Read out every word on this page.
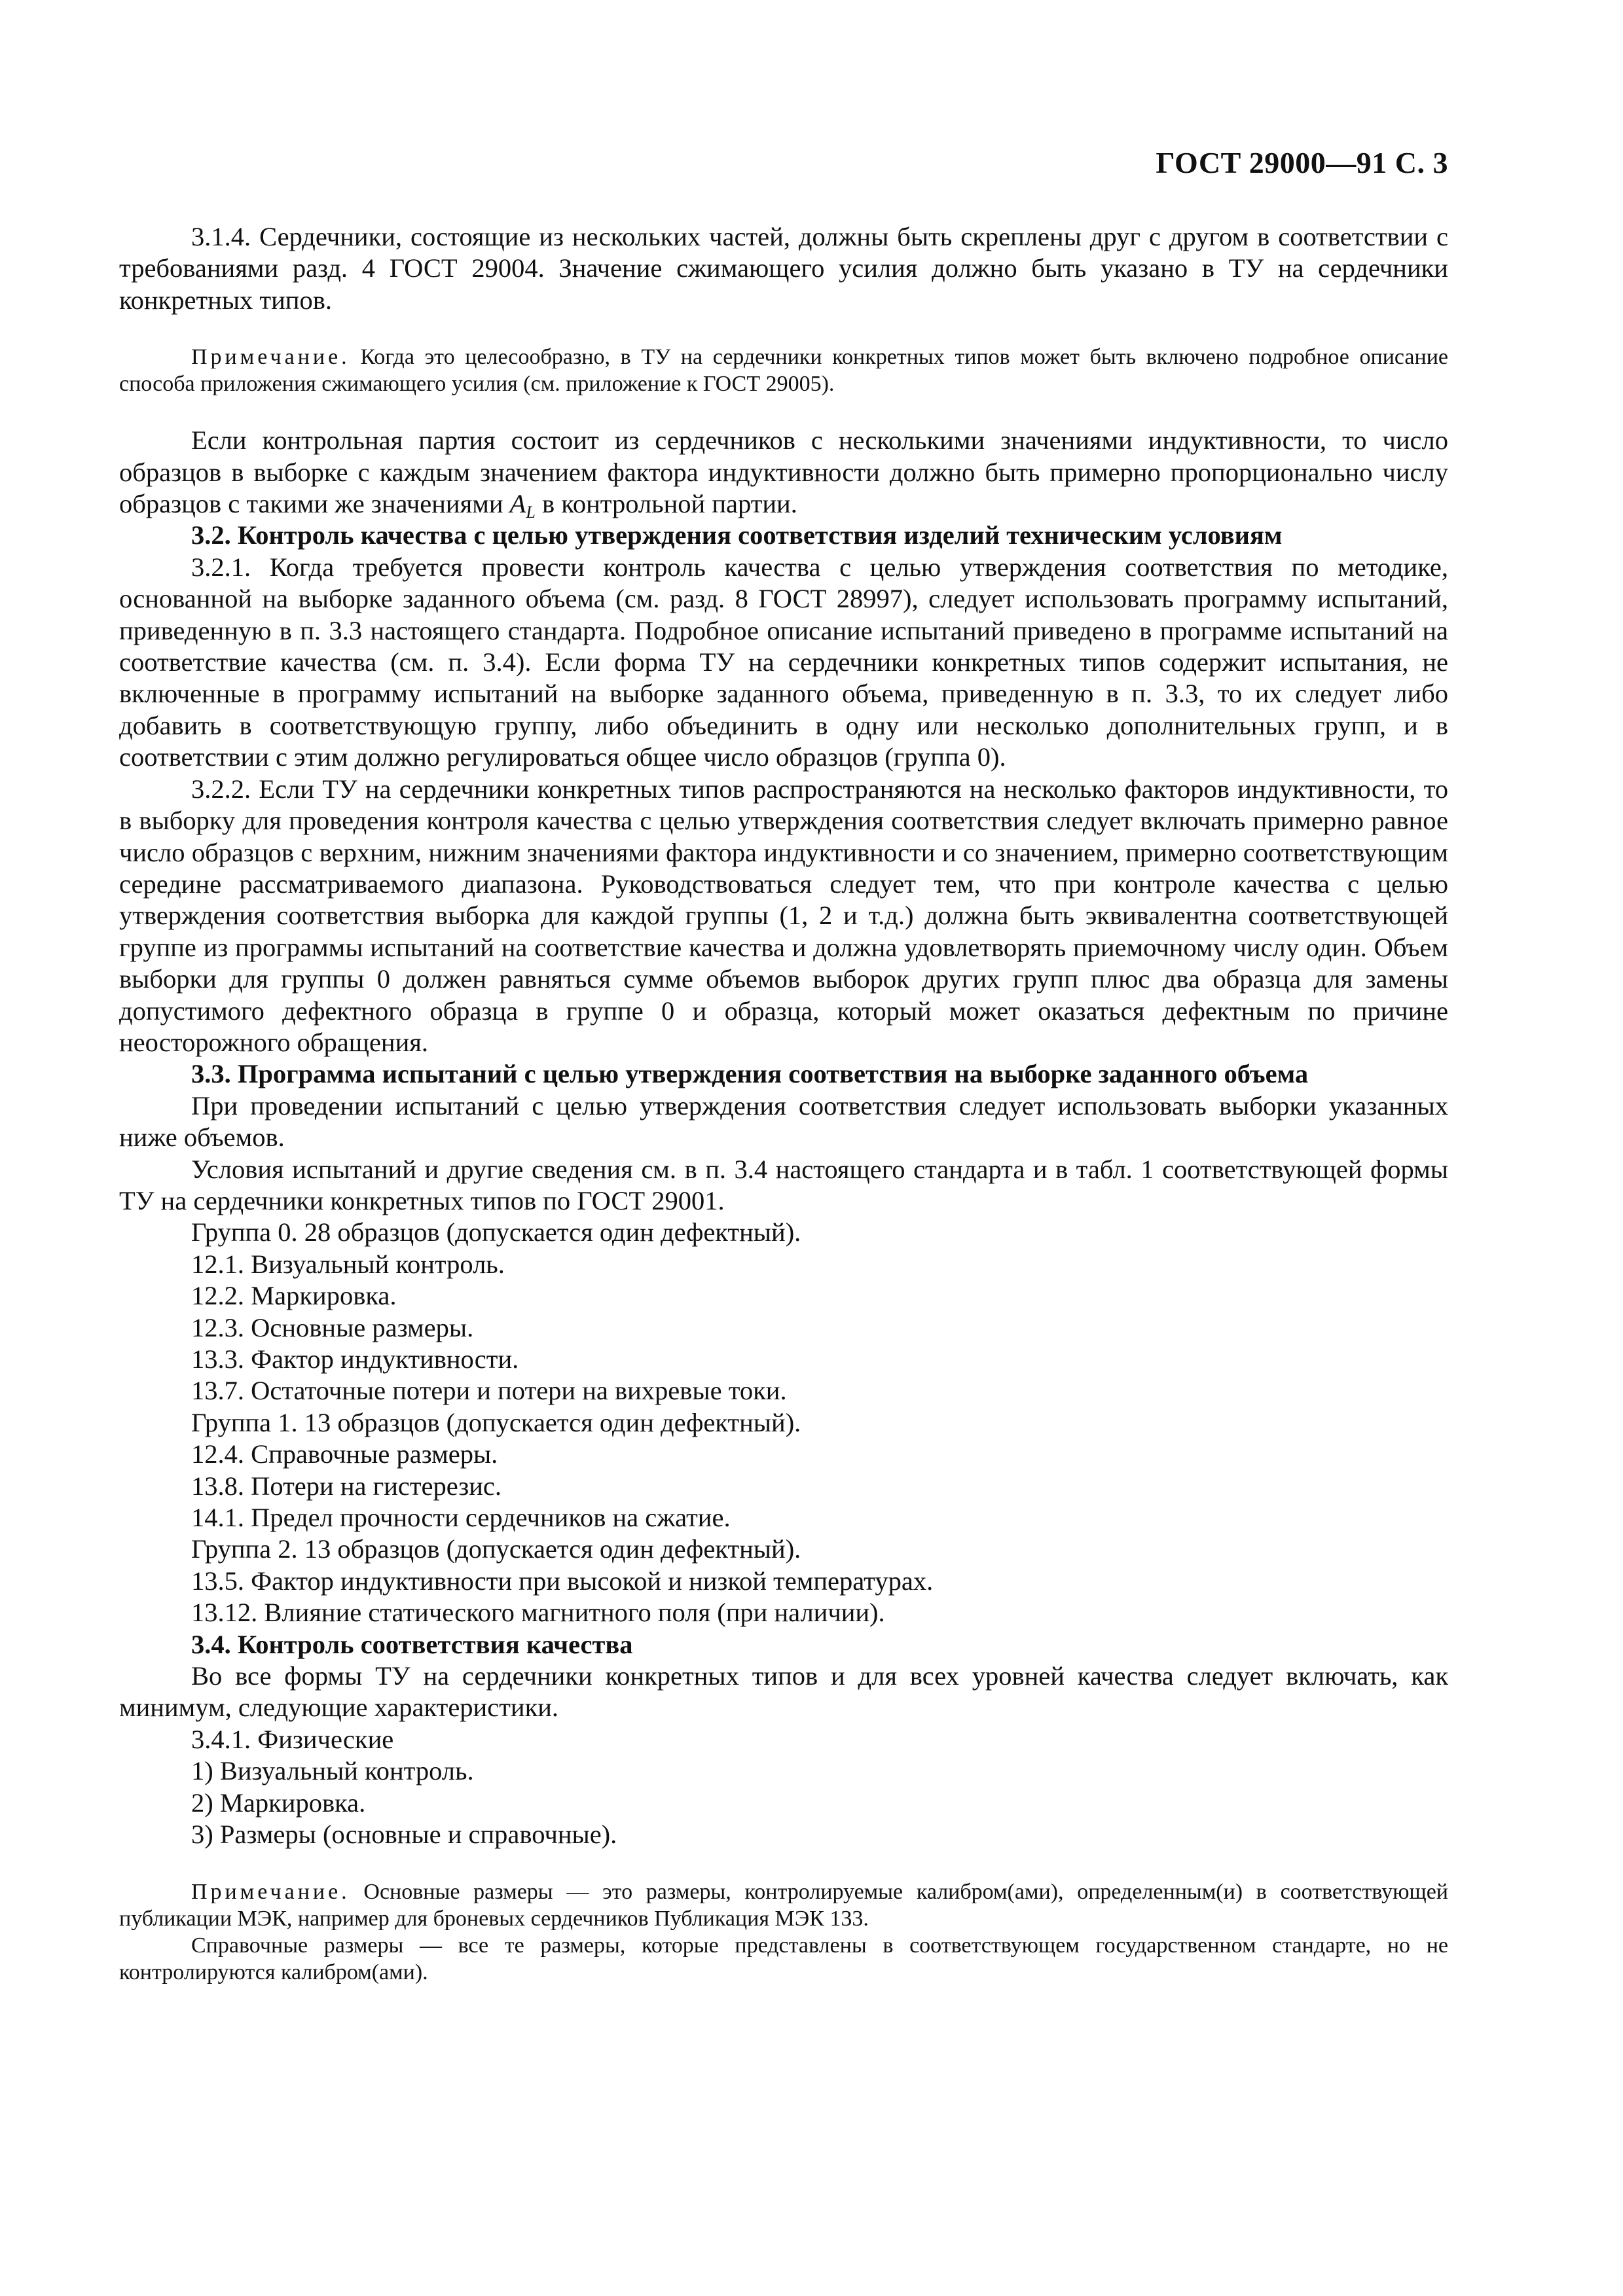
ГОСТ 29000—91 С. 3

3.1.4. Сердечники, состоящие из нескольких частей, должны быть скреплены друг с другом в соответствии с требованиями разд. 4 ГОСТ 29004. Значение сжимающего усилия должно быть указано в ТУ на сердечники конкретных типов.

Примечание. Когда это целесообразно, в ТУ на сердечники конкретных типов может быть включено подробное описание способа приложения сжимающего усилия (см. приложение к ГОСТ 29005).

Если контрольная партия состоит из сердечников с несколькими значениями индуктивности, то число образцов в выборке с каждым значением фактора индуктивности должно быть примерно пропорционально числу образцов с такими же значениями $A_L$ в контрольной партии.

3.2. Контроль качества с целью утверждения соответствия изделий техническим условиям

3.2.1. Когда требуется провести контроль качества с целью утверждения соответствия по методике, основанной на выборке заданного объема (см. разд. 8 ГОСТ 28997), следует использовать программу испытаний, приведенную в п. 3.3 настоящего стандарта. Подробное описание испытаний приведено в программе испытаний на соответствие качества (см. п. 3.4). Если форма ТУ на сердечники конкретных типов содержит испытания, не включенные в программу испытаний на выборке заданного объема, приведенную в п. 3.3, то их следует либо добавить в соответствующую группу, либо объединить в одну или несколько дополнительных групп, и в соответствии с этим должно регулироваться общее число образцов (группа 0).

3.2.2. Если ТУ на сердечники конкретных типов распространяются на несколько факторов индуктивности, то в выборку для проведения контроля качества с целью утверждения соответствия следует включать примерно равное число образцов с верхним, нижним значениями фактора индуктивности и со значением, примерно соответствующим середине рассматриваемого диапазона. Руководствоваться следует тем, что при контроле качества с целью утверждения соответствия выборка для каждой группы (1, 2 и т.д.) должна быть эквивалентна соответствующей группе из программы испытаний на соответствие качества и должна удовлетворять приемочному числу один. Объем выборки для группы 0 должен равняться сумме объемов выборок других групп плюс два образца для замены допустимого дефектного образца в группе 0 и образца, который может оказаться дефектным по причине неосторожного обращения.

3.3. Программа испытаний с целью утверждения соответствия на выборке заданного объема

При проведении испытаний с целью утверждения соответствия следует использовать выборки указанных ниже объемов.

Условия испытаний и другие сведения см. в п. 3.4 настоящего стандарта и в табл. 1 соответствующей формы ТУ на сердечники конкретных типов по ГОСТ 29001.

Группа 0. 28 образцов (допускается один дефектный).

12.1. Визуальный контроль.

12.2. Маркировка.

12.3. Основные размеры.

13.3. Фактор индуктивности.

13.7. Остаточные потери и потери на вихревые токи.

Группа 1. 13 образцов (допускается один дефектный).

12.4. Справочные размеры.

13.8. Потери на гистерезис.

14.1. Предел прочности сердечников на сжатие.

Группа 2. 13 образцов (допускается один дефектный).

13.5. Фактор индуктивности при высокой и низкой температурах.

13.12. Влияние статического магнитного поля (при наличии).

3.4. Контроль соответствия качества

Во все формы ТУ на сердечники конкретных типов и для всех уровней качества следует включать, как минимум, следующие характеристики.

3.4.1. Физические

1) Визуальный контроль.

2) Маркировка.

3) Размеры (основные и справочные).

Примечание. Основные размеры — это размеры, контролируемые калибром(ами), определенным(и) в соответствующей публикации МЭК, например для броневых сердечников Публикация МЭК 133.

Справочные размеры — все те размеры, которые представлены в соответствующем государственном стандарте, но не контролируются калибром(ами).
